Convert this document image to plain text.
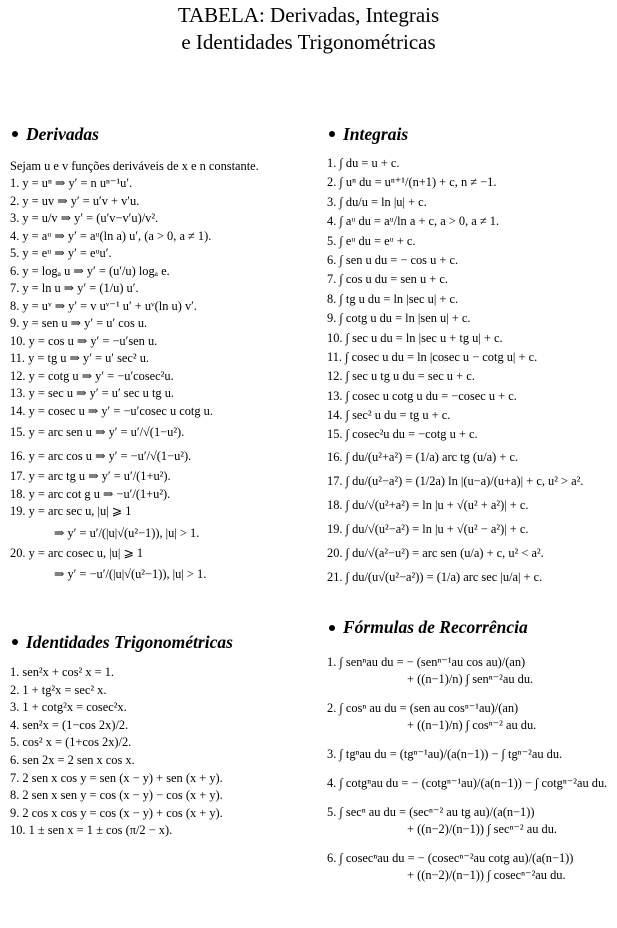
TABELA: Derivadas, Integrais
e Identidades Trigonométricas
Derivadas
Sejam u e v funções deriváveis de x e n constante.
1. y = uⁿ ⇒ y′ = n uⁿ⁻¹u′.
2. y = uv ⇒ y′ = u′v + v′u.
3. y = u/v ⇒ y′ = (u′v−v′u)/v².
4. y = aᵘ ⇒ y′ = aᵘ(ln a) u′, (a > 0, a ≠ 1).
5. y = eᵘ ⇒ y′ = eᵘu′.
6. y = logₐ u ⇒ y′ = (u′/u) logₐ e.
7. y = ln u ⇒ y′ = (1/u) u′.
8. y = uᵛ ⇒ y′ = v uᵛ⁻¹ u′ + uᵛ(ln u) v′.
9. y = sen u ⇒ y′ = u′ cos u.
10. y = cos u ⇒ y′ = −u′sen u.
11. y = tg u ⇒ y′ = u′ sec² u.
12. y = cotg u ⇒ y′ = −u′cosec²u.
13. y = sec u ⇒ y′ = u′ sec u tg u.
14. y = cosec u ⇒ y′ = −u′cosec u cotg u.
15. y = arc sen u ⇒ y′ = u′/√(1−u²).
16. y = arc cos u ⇒ y′ = −u′/√(1−u²).
17. y = arc tg u ⇒ y′ = u′/(1+u²).
18. y = arc cot g u ⇒ −u′/(1+u²).
19. y = arc sec u, |u| ⩾ 1
⇒ y′ = u′/(|u|√(u²−1)), |u| > 1.
20. y = arc cosec u, |u| ⩾ 1
⇒ y′ = −u′/(|u|√(u²−1)), |u| > 1.
Identidades Trigonométricas
1. sen²x + cos² x = 1.
2. 1 + tg²x = sec² x.
3. 1 + cotg²x = cosec²x.
4. sen²x = (1−cos 2x)/2.
5. cos² x = (1+cos 2x)/2.
6. sen 2x = 2 sen x cos x.
7. 2 sen x cos y = sen (x − y) + sen (x + y).
8. 2 sen x sen y = cos (x − y) − cos (x + y).
9. 2 cos x cos y = cos (x − y) + cos (x + y).
10. 1 ± sen x = 1 ± cos (π/2 − x).
Integrais
1. ∫ du = u + c.
2. ∫ uⁿ du = uⁿ⁺¹/(n+1) + c, n ≠ −1.
3. ∫ du/u = ln |u| + c.
4. ∫ aᵘ du = aᵘ/ln a + c, a > 0, a ≠ 1.
5. ∫ eᵘ du = eᵘ + c.
6. ∫ sen u du = − cos u + c.
7. ∫ cos u du = sen u + c.
8. ∫ tg u du = ln |sec u| + c.
9. ∫ cotg u du = ln |sen u| + c.
10. ∫ sec u du = ln |sec u + tg u| + c.
11. ∫ cosec u du = ln |cosec u − cotg u| + c.
12. ∫ sec u tg u du = sec u + c.
13. ∫ cosec u cotg u du = −cosec u + c.
14. ∫ sec² u du = tg u + c.
15. ∫ cosec²u du = −cotg u + c.
16. ∫ du/(u²+a²) = (1/a) arc tg (u/a) + c.
17. ∫ du/(u²−a²) = (1/2a) ln |(u−a)/(u+a)| + c, u² > a².
18. ∫ du/√(u²+a²) = ln |u + √(u² + a²)| + c.
19. ∫ du/√(u²−a²) = ln |u + √(u² − a²)| + c.
20. ∫ du/√(a²−u²) = arc sen (u/a) + c, u² < a².
21. ∫ du/(u√(u²−a²)) = (1/a) arc sec |u/a| + c.
Fórmulas de Recorrência
1. ∫ senⁿau du = − (senⁿ⁻¹au cos au)/(an)
+ ((n−1)/n) ∫ senⁿ⁻²au du.
2. ∫ cosⁿ au du = (sen au cosⁿ⁻¹au)/(an)
+ ((n−1)/n) ∫ cosⁿ⁻² au du.
3. ∫ tgⁿau du = (tgⁿ⁻¹au)/(a(n−1)) − ∫ tgⁿ⁻²au du.
4. ∫ cotgⁿau du = − (cotgⁿ⁻¹au)/(a(n−1)) − ∫ cotgⁿ⁻²au du.
5. ∫ secⁿ au du = (secⁿ⁻² au tg au)/(a(n−1))
+ ((n−2)/(n−1)) ∫ secⁿ⁻² au du.
6. ∫ cosecⁿau du = − (cosecⁿ⁻²au cotg au)/(a(n−1))
+ ((n−2)/(n−1)) ∫ cosecⁿ⁻²au du.
